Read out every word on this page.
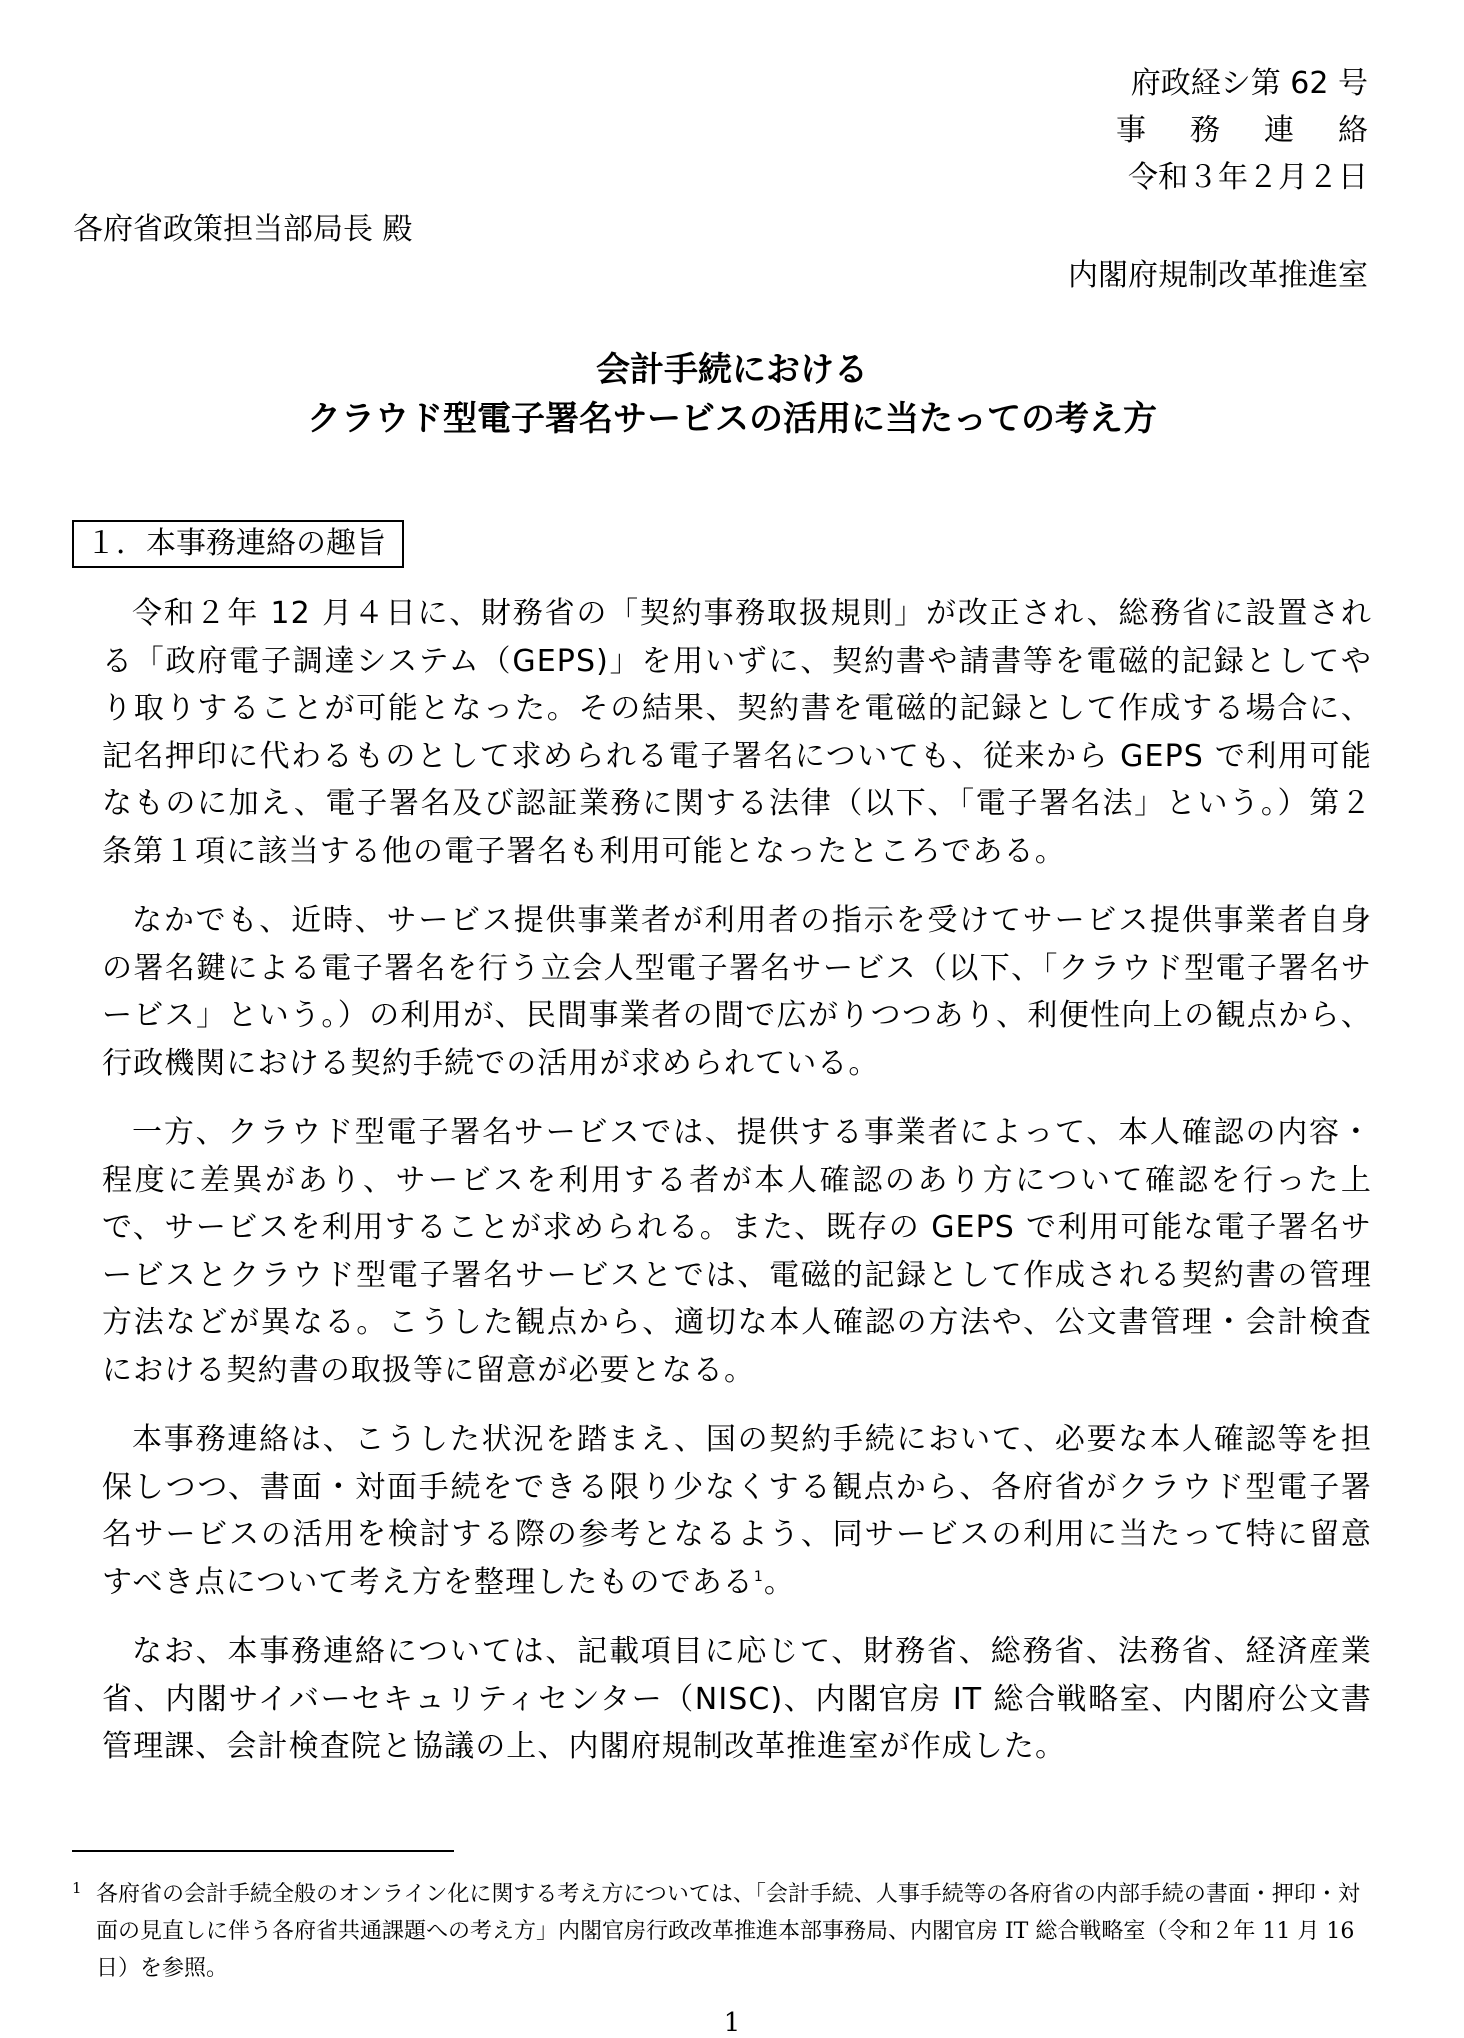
府政経シ第 62 号
事務連絡
令和３年２月２日
各府省政策担当部局長 殿
内閣府規制改革推進室
会計手続における
クラウド型電子署名サービスの活用に当たっての考え方
１．本事務連絡の趣旨

令和２年 12 月４日に、財務省の「契約事務取扱規則」が改正され、総務省に設置される「政府電子調達システム（GEPS)」を用いずに、契約書や請書等を電磁的記録としてやり取りすることが可能となった。その結果、契約書を電磁的記録として作成する場合に、記名押印に代わるものとして求められる電子署名についても、従来から GEPS で利用可能なものに加え、電子署名及び認証業務に関する法律（以下、「電子署名法」という。）第２条第１項に該当する他の電子署名も利用可能となったところである。

なかでも、近時、サービス提供事業者が利用者の指示を受けてサービス提供事業者自身の署名鍵による電子署名を行う立会人型電子署名サービス（以下、「クラウド型電子署名サービス」という。）の利用が、民間事業者の間で広がりつつあり、利便性向上の観点から、行政機関における契約手続での活用が求められている。

一方、クラウド型電子署名サービスでは、提供する事業者によって、本人確認の内容・程度に差異があり、サービスを利用する者が本人確認のあり方について確認を行った上で、サービスを利用することが求められる。また、既存の GEPS で利用可能な電子署名サービスとクラウド型電子署名サービスとでは、電磁的記録として作成される契約書の管理方法などが異なる。こうした観点から、適切な本人確認の方法や、公文書管理・会計検査における契約書の取扱等に留意が必要となる。

本事務連絡は、こうした状況を踏まえ、国の契約手続において、必要な本人確認等を担保しつつ、書面・対面手続をできる限り少なくする観点から、各府省がクラウド型電子署名サービスの活用を検討する際の参考となるよう、同サービスの利用に当たって特に留意すべき点について考え方を整理したものである$^1$。

なお、本事務連絡については、記載項目に応じて、財務省、総務省、法務省、経済産業省、内閣サイバーセキュリティセンター（NISC)、内閣官房 IT 総合戦略室、内閣府公文書管理課、会計検査院と協議の上、内閣府規制改革推進室が作成した。

1 各府省の会計手続全般のオンライン化に関する考え方については、「会計手続、人事手続等の各府省の内部手続の書面・押印・対面の見直しに伴う各府省共通課題への考え方」内閣官房行政改革推進本部事務局、内閣官房 IT 総合戦略室（令和２年 11 月 16 日）を参照。
1
